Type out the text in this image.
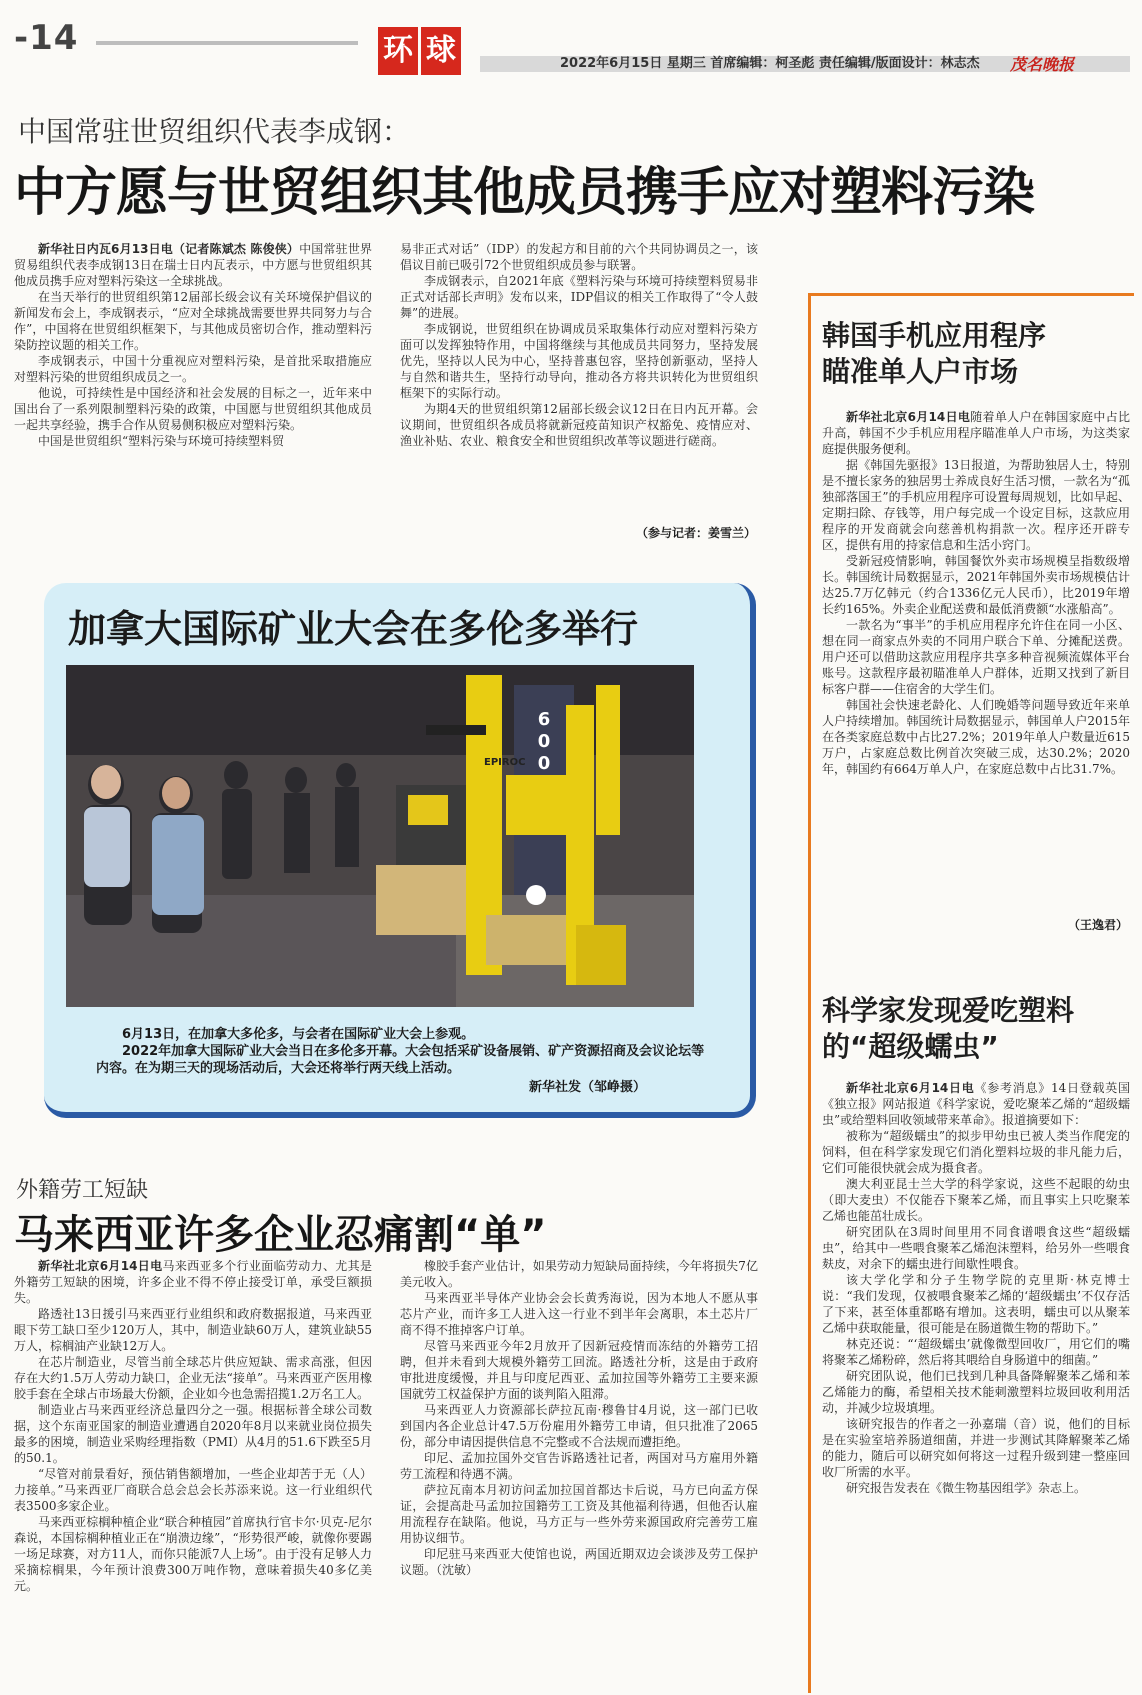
-14	环 球	2022年6月15日 星期三 首席编辑：柯圣彪 责任编辑/版面设计：林志杰	茂名晚报
中国常驻世贸组织代表李成钢：
中方愿与世贸组织其他成员携手应对塑料污染

新华社日内瓦6月13日电（记者陈斌杰 陈俊侠）中国常驻世界贸易组织代表李成钢13日在瑞士日内瓦表示，中方愿与世贸组织其他成员携手应对塑料污染这一全球挑战。

在当天举行的世贸组织第12届部长级会议有关环境保护倡议的新闻发布会上，李成钢表示，“应对全球挑战需要世界共同努力与合作”，中国将在世贸组织框架下，与其他成员密切合作，推动塑料污染防控议题的相关工作。

李成钢表示，中国十分重视应对塑料污染，是首批采取措施应对塑料污染的世贸组织成员之一。

他说，可持续性是中国经济和社会发展的目标之一，近年来中国出台了一系列限制塑料污染的政策，中国愿与世贸组织其他成员一起共享经验，携手合作从贸易侧积极应对塑料污染。

中国是世贸组织“塑料污染与环境可持续塑料贸

易非正式对话”（IDP）的发起方和目前的六个共同协调员之一，该倡议目前已吸引72个世贸组织成员参与联署。

李成钢表示，自2021年底《塑料污染与环境可持续塑料贸易非正式对话部长声明》发布以来，IDP倡议的相关工作取得了“令人鼓舞”的进展。

李成钢说，世贸组织在协调成员采取集体行动应对塑料污染方面可以发挥独特作用，中国将继续与其他成员共同努力，坚持发展优先，坚持以人民为中心，坚持普惠包容，坚持创新驱动，坚持人与自然和谐共生，坚持行动导向，推动各方将共识转化为世贸组织框架下的实际行动。

为期4天的世贸组织第12届部长级会议12日在日内瓦开幕。会议期间，世贸组织各成员将就新冠疫苗知识产权豁免、疫情应对、渔业补贴、农业、粮食安全和世贸组织改革等议题进行磋商。

（参与记者：姜雪兰）
韩国手机应用程序
瞄准单人户市场

新华社北京6月14日电随着单人户在韩国家庭中占比升高，韩国不少手机应用程序瞄准单人户市场，为这类家庭提供服务便利。

据《韩国先驱报》13日报道，为帮助独居人士，特别是不擅长家务的独居男士养成良好生活习惯，一款名为“孤独部落国王”的手机应用程序可设置每周规划，比如早起、定期扫除、存钱等，用户每完成一个设定目标，这款应用程序的开发商就会向慈善机构捐款一次。程序还开辟专区，提供有用的持家信息和生活小窍门。

受新冠疫情影响，韩国餐饮外卖市场规模呈指数级增长。韩国统计局数据显示，2021年韩国外卖市场规模估计达25.7万亿韩元（约合1336亿元人民币），比2019年增长约165%。外卖企业配送费和最低消费额“水涨船高”。

一款名为“事半”的手机应用程序允许住在同一小区、想在同一商家点外卖的不同用户联合下单、分摊配送费。用户还可以借助这款应用程序共享多种音视频流媒体平台账号。这款程序最初瞄准单人户群体，近期又找到了新目标客户群——住宿舍的大学生们。

韩国社会快速老龄化、人们晚婚等问题导致近年来单人户持续增加。韩国统计局数据显示，韩国单人户2015年在各类家庭总数中占比27.2%；2019年单人户数量近615万户，占家庭总数比例首次突破三成，达30.2%；2020年，韩国约有664万单人户，在家庭总数中占比31.7%。

（王逸君）
科学家发现爱吃塑料
的“超级蠕虫”

新华社北京6月14日电《参考消息》14日登载英国《独立报》网站报道《科学家说，爱吃聚苯乙烯的“超级蠕虫”或给塑料回收领域带来革命》。报道摘要如下：

被称为“超级蠕虫”的拟步甲幼虫已被人类当作爬宠的饲料，但在科学家发现它们消化塑料垃圾的非凡能力后，它们可能很快就会成为摄食者。

澳大利亚昆士兰大学的科学家说，这些不起眼的幼虫（即大麦虫）不仅能吞下聚苯乙烯，而且事实上只吃聚苯乙烯也能茁壮成长。

研究团队在3周时间里用不同食谱喂食这些“超级蠕虫”，给其中一些喂食聚苯乙烯泡沫塑料，给另外一些喂食麸皮，对余下的蠕虫进行间歇性喂食。

该大学化学和分子生物学院的克里斯·林克博士说：“我们发现，仅被喂食聚苯乙烯的‘超级蠕虫’不仅存活了下来，甚至体重都略有增加。这表明，蠕虫可以从聚苯乙烯中获取能量，很可能是在肠道微生物的帮助下。”

林克还说：“‘超级蠕虫’就像微型回收厂，用它们的嘴将聚苯乙烯粉碎，然后将其喂给自身肠道中的细菌。”

研究团队说，他们已找到几种具备降解聚苯乙烯和苯乙烯能力的酶，希望相关技术能刺激塑料垃圾回收利用活动，并减少垃圾填埋。

该研究报告的作者之一孙嘉瑞（音）说，他们的目标是在实验室培养肠道细菌，并进一步测试其降解聚苯乙烯的能力，随后可以研究如何将这一过程升级到建一整座回收厂所需的水平。

研究报告发表在《微生物基因组学》杂志上。

加拿大国际矿业大会在多伦多举行
6
0
0
EPIROC

6月13日，在加拿大多伦多，与会者在国际矿业大会上参观。

2022年加拿大国际矿业大会当日在多伦多开幕。大会包括采矿设备展销、矿产资源招商及会议论坛等内容。在为期三天的现场活动后，大会还将举行两天线上活动。

新华社发（邹峥摄）
外籍劳工短缺
马来西亚许多企业忍痛割“单”

新华社北京6月14日电马来西亚多个行业面临劳动力、尤其是外籍劳工短缺的困境，许多企业不得不停止接受订单，承受巨额损失。

路透社13日援引马来西亚行业组织和政府数据报道，马来西亚眼下劳工缺口至少120万人，其中，制造业缺60万人，建筑业缺55万人，棕榈油产业缺12万人。

在芯片制造业，尽管当前全球芯片供应短缺、需求高涨，但因存在大约1.5万人劳动力缺口，企业无法“接单”。马来西亚产医用橡胶手套在全球占市场最大份额，企业如今也急需招揽1.2万名工人。

制造业占马来西亚经济总量四分之一强。根据标普全球公司数据，这个东南亚国家的制造业遭遇自2020年8月以来就业岗位损失最多的困境，制造业采购经理指数（PMI）从4月的51.6下跌至5月的50.1。

“尽管对前景看好，预估销售额增加，一些企业却苦于无（人）力接单。”马来西亚厂商联合总会总会长苏添来说。这一行业组织代表3500多家企业。

马来西亚棕榈种植企业“联合种植园”首席执行官卡尔·贝克-尼尔森说，本国棕榈种植业正在“崩溃边缘”，“形势很严峻，就像你要踢一场足球赛，对方11人，而你只能派7人上场”。由于没有足够人力采摘棕榈果，今年预计浪费300万吨作物，意味着损失40多亿美元。

橡胶手套产业估计，如果劳动力短缺局面持续，今年将损失7亿美元收入。

马来西亚半导体产业协会会长黄秀海说，因为本地人不愿从事芯片产业，而许多工人进入这一行业不到半年会离职，本土芯片厂商不得不推掉客户订单。

尽管马来西亚今年2月放开了因新冠疫情而冻结的外籍劳工招聘，但并未看到大规模外籍劳工回流。路透社分析，这是由于政府审批进度缓慢，并且与印度尼西亚、孟加拉国等外籍劳工主要来源国就劳工权益保护方面的谈判陷入阻滞。

马来西亚人力资源部长萨拉瓦南·穆鲁甘4月说，这一部门已收到国内各企业总计47.5万份雇用外籍劳工申请，但只批准了2065份，部分申请因提供信息不完整或不合法规而遭拒绝。

印尼、孟加拉国外交官告诉路透社记者，两国对马方雇用外籍劳工流程和待遇不满。

萨拉瓦南本月初访问孟加拉国首都达卡后说，马方已向孟方保证，会提高赴马孟加拉国籍劳工工资及其他福利待遇，但他否认雇用流程存在缺陷。他说，马方正与一些外劳来源国政府完善劳工雇用协议细节。

印尼驻马来西亚大使馆也说，两国近期双边会谈涉及劳工保护议题。（沈敏）
